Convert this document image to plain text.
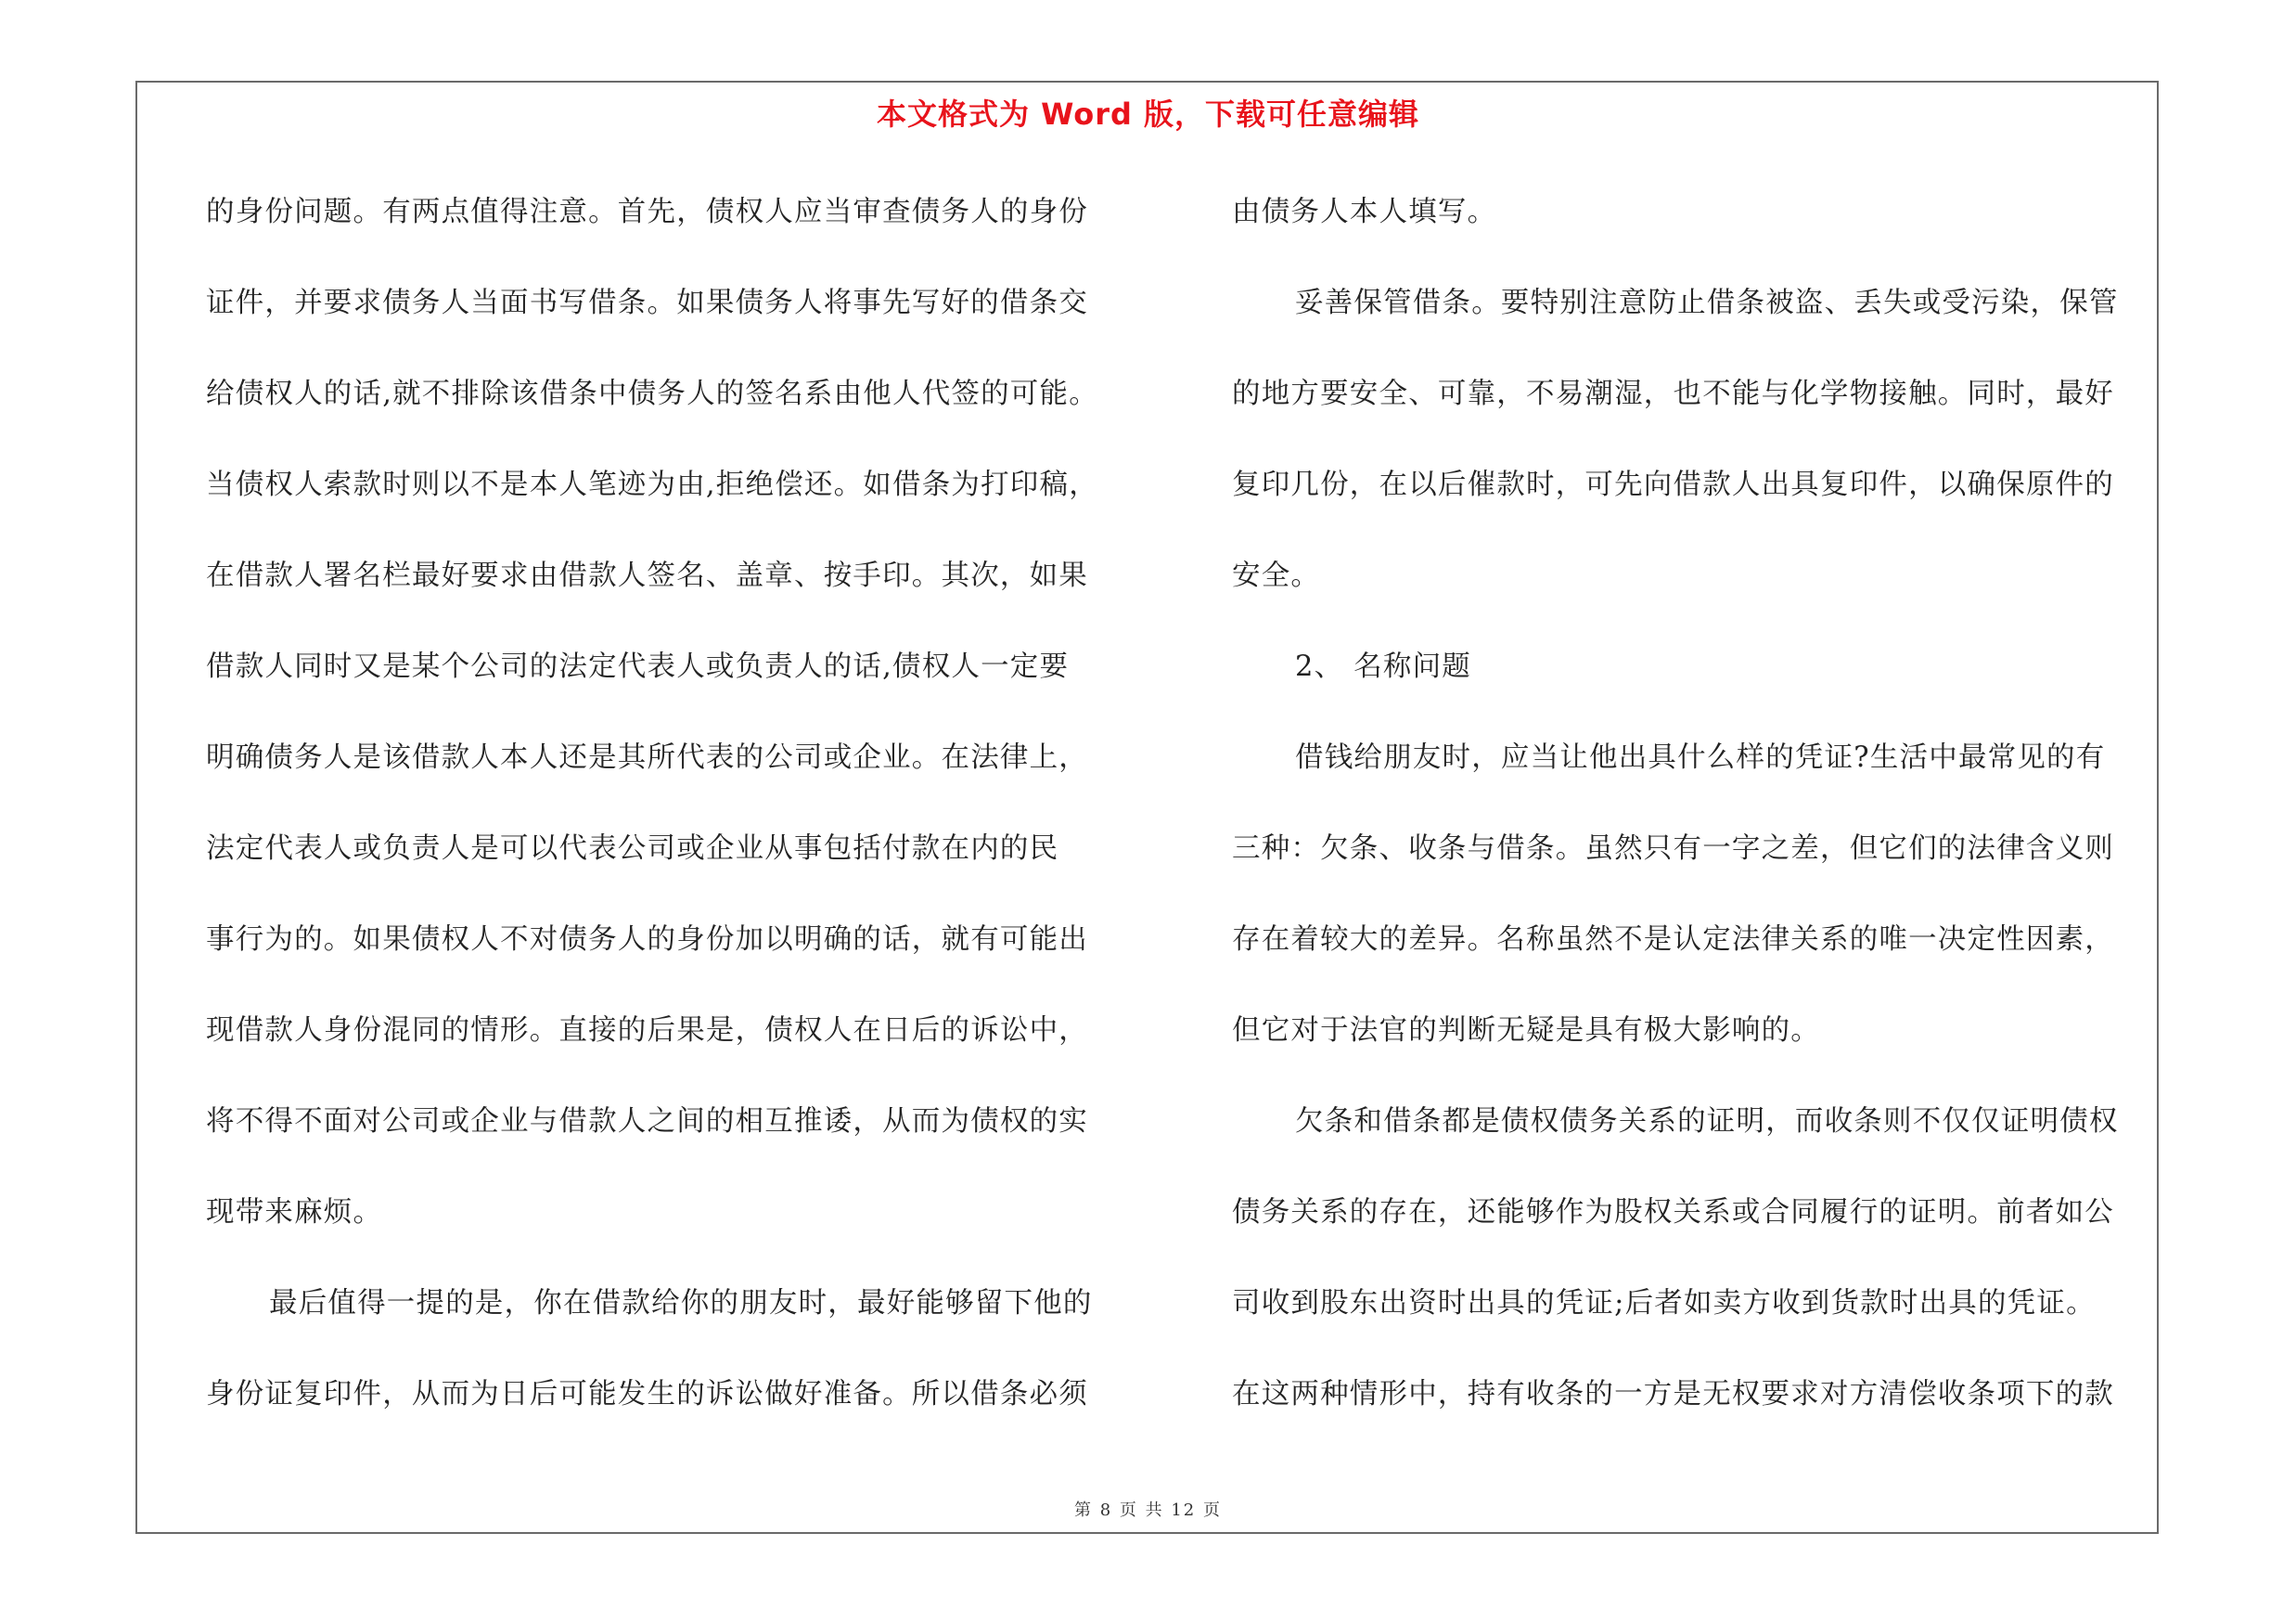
本文格式为 Word 版，下载可任意编辑
的身份问题。有两点值得注意。首先，债权人应当审查债务人的身份
证件，并要求债务人当面书写借条。如果债务人将事先写好的借条交
给债权人的话,就不排除该借条中债务人的签名系由他人代签的可能。
当债权人索款时则以不是本人笔迹为由,拒绝偿还。如借条为打印稿，
在借款人署名栏最好要求由借款人签名、盖章、按手印。其次，如果
借款人同时又是某个公司的法定代表人或负责人的话,债权人一定要
明确债务人是该借款人本人还是其所代表的公司或企业。在法律上，
法定代表人或负责人是可以代表公司或企业从事包括付款在内的民
事行为的。如果债权人不对债务人的身份加以明确的话，就有可能出
现借款人身份混同的情形。直接的后果是，债权人在日后的诉讼中，
将不得不面对公司或企业与借款人之间的相互推诿，从而为债权的实
现带来麻烦。
最后值得一提的是，你在借款给你的朋友时，最好能够留下他的
身份证复印件，从而为日后可能发生的诉讼做好准备。所以借条必须
由债务人本人填写。
妥善保管借条。要特别注意防止借条被盗、丢失或受污染，保管
的地方要安全、可靠，不易潮湿，也不能与化学物接触。同时，最好
复印几份，在以后催款时，可先向借款人出具复印件，以确保原件的
安全。
2、 名称问题
借钱给朋友时，应当让他出具什么样的凭证?生活中最常见的有
三种：欠条、收条与借条。虽然只有一字之差，但它们的法律含义则
存在着较大的差异。名称虽然不是认定法律关系的唯一决定性因素，
但它对于法官的判断无疑是具有极大影响的。
欠条和借条都是债权债务关系的证明，而收条则不仅仅证明债权
债务关系的存在，还能够作为股权关系或合同履行的证明。前者如公
司收到股东出资时出具的凭证;后者如卖方收到货款时出具的凭证。
在这两种情形中，持有收条的一方是无权要求对方清偿收条项下的款
第 8 页 共 12 页
